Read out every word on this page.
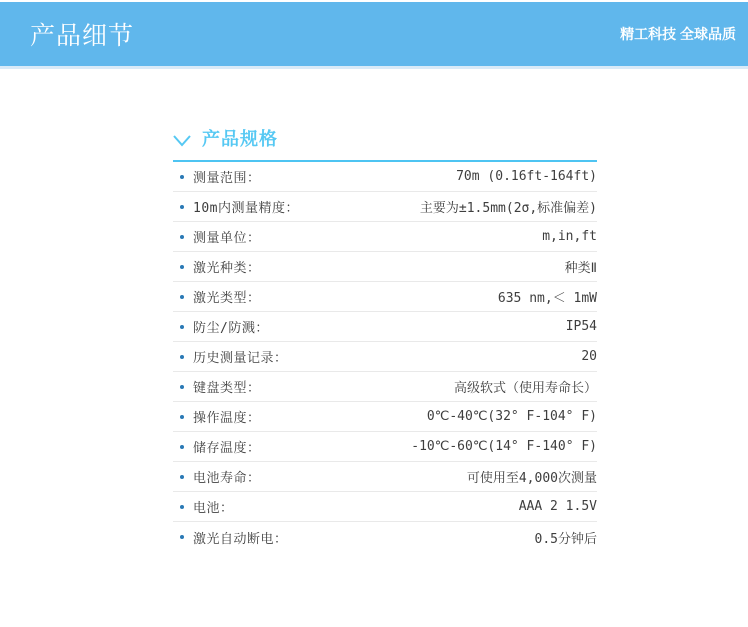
产品细节	精工科技 全球品质
产品规格
测量范围：	70m (0.16ft-164ft)
10m内测量精度：	主要为±1.5mm(2σ,标准偏差)
测量单位：	m,in,ft
激光种类：	种类Ⅱ
激光类型：	635 nm,＜ 1mW
防尘/防溅：	IP54
历史测量记录：	20
键盘类型：	高级软式（使用寿命长）
操作温度：	0℃-40℃(32° F-104° F)
储存温度：	-10℃-60℃(14° F-140° F)
电池寿命：	可使用至4,000次测量
电池：	AAA 2 1.5V
激光自动断电：	0.5分钟后
